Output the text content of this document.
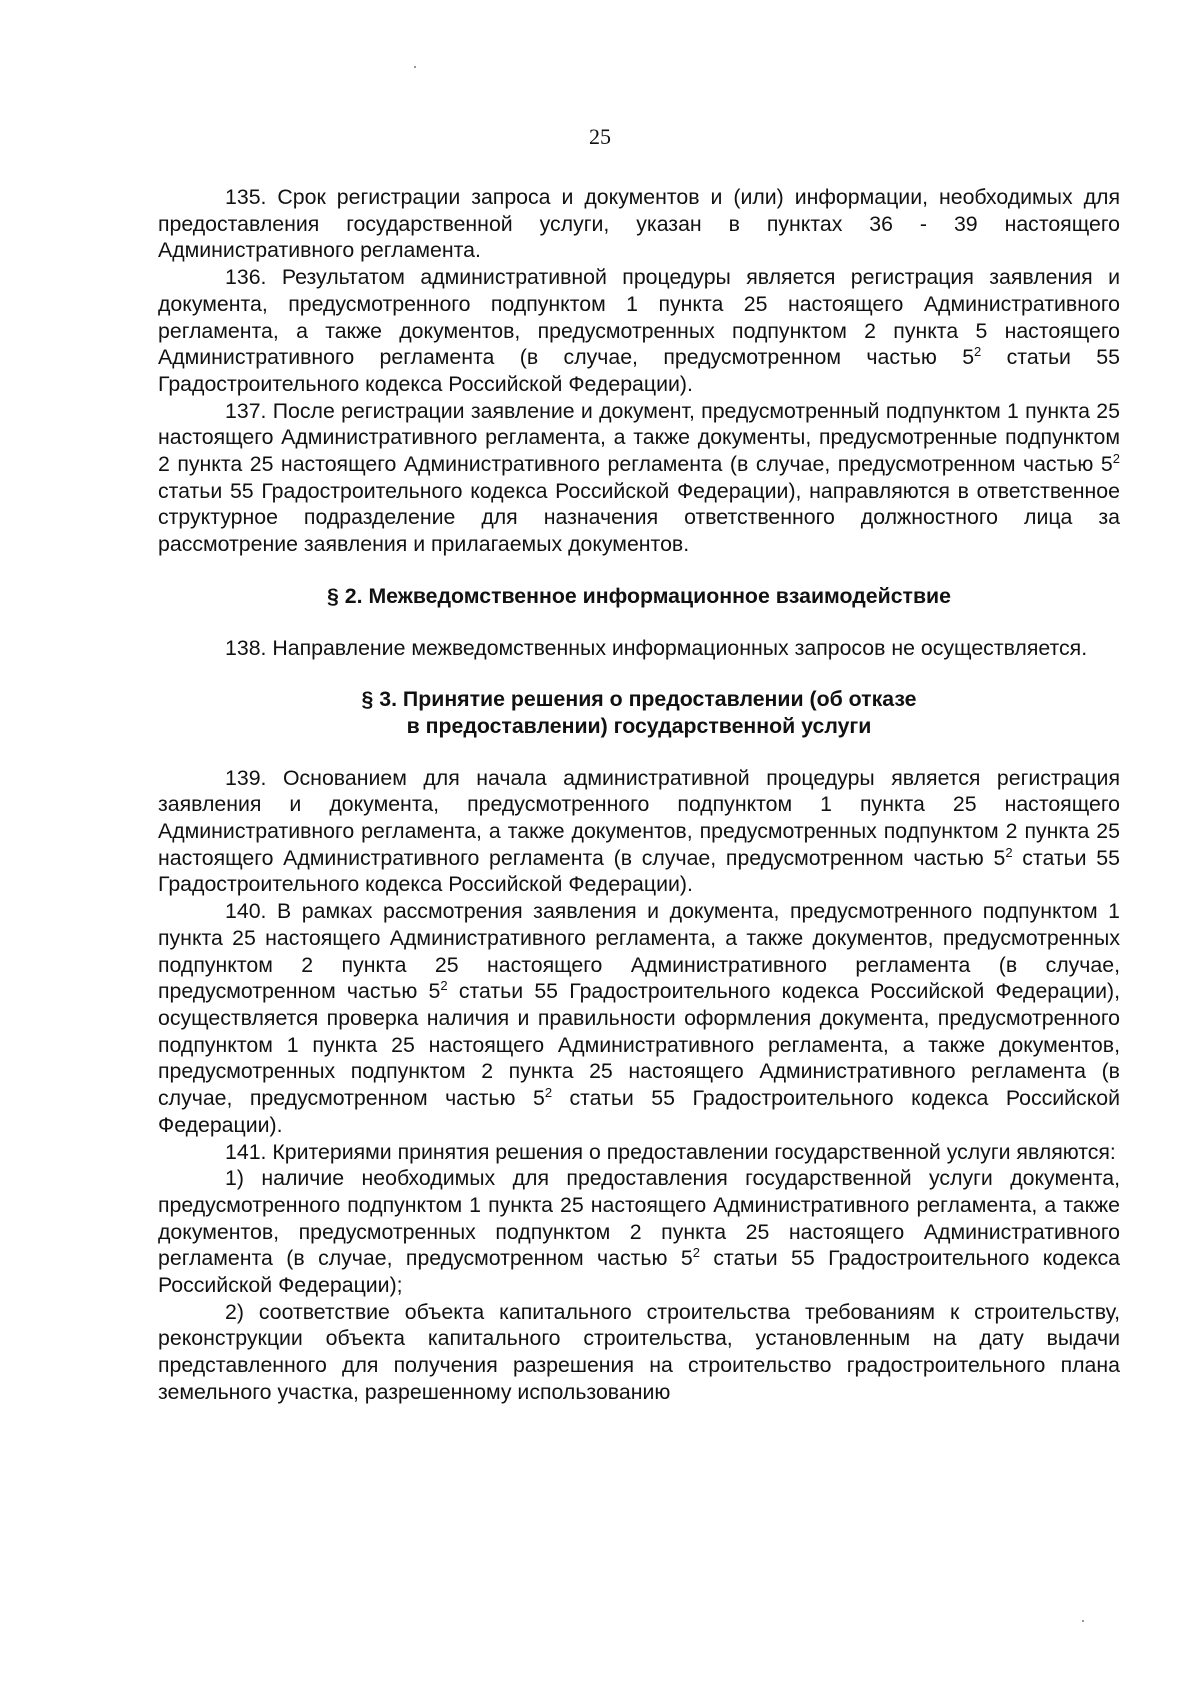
25

135. Срок регистрации запроса и документов и (или) информации, необходимых для предоставления государственной услуги, указан в пунктах 36 - 39 настоящего Административного регламента.

136. Результатом административной процедуры является регистрация заявления и документа, предусмотренного подпунктом 1 пункта 25 настоящего Административного регламента, а также документов, предусмотренных подпунктом 2 пункта 5 настоящего Административного регламента (в случае, предусмотренном частью $5^2$ статьи 55 Градостроительного кодекса Российской Федерации).

137. После регистрации заявление и документ, предусмотренный подпунктом 1 пункта 25 настоящего Административного регламента, а также документы, предусмотренные подпунктом 2 пункта 25 настоящего Административного регламента (в случае, предусмотренном частью $5^2$ статьи 55 Градостроительного кодекса Российской Федерации), направляются в ответственное структурное подразделение для назначения ответственного должностного лица за рассмотрение заявления и прилагаемых документов.

§ 2. Межведомственное информационное взаимодействие

138. Направление межведомственных информационных запросов не осуществляется.

§ 3. Принятие решения о предоставлении (об отказе
в предоставлении) государственной услуги

139. Основанием для начала административной процедуры является регистрация заявления и документа, предусмотренного подпунктом 1 пункта 25 настоящего Административного регламента, а также документов, предусмотренных подпунктом 2 пункта 25 настоящего Административного регламента (в случае, предусмотренном частью $5^2$ статьи 55 Градостроительного кодекса Российской Федерации).

140. В рамках рассмотрения заявления и документа, предусмотренного подпунктом 1 пункта 25 настоящего Административного регламента, а также документов, предусмотренных подпунктом 2 пункта 25 настоящего Административного регламента (в случае, предусмотренном частью $5^2$ статьи 55 Градостроительного кодекса Российской Федерации), осуществляется проверка наличия и правильности оформления документа, предусмотренного подпунктом 1 пункта 25 настоящего Административного регламента, а также документов, предусмотренных подпунктом 2 пункта 25 настоящего Административного регламента (в случае, предусмотренном частью $5^2$ статьи 55 Градостроительного кодекса Российской Федерации).

141. Критериями принятия решения о предоставлении государственной услуги являются:

1) наличие необходимых для предоставления государственной услуги документа, предусмотренного подпунктом 1 пункта 25 настоящего Административного регламента, а также документов, предусмотренных подпунктом 2 пункта 25 настоящего Административного регламента (в случае, предусмотренном частью $5^2$ статьи 55 Градостроительного кодекса Российской Федерации);

2) соответствие объекта капитального строительства требованиям к строительству, реконструкции объекта капитального строительства, установленным на дату выдачи представленного для получения разрешения на строительство градостроительного плана земельного участка, разрешенному использованию
